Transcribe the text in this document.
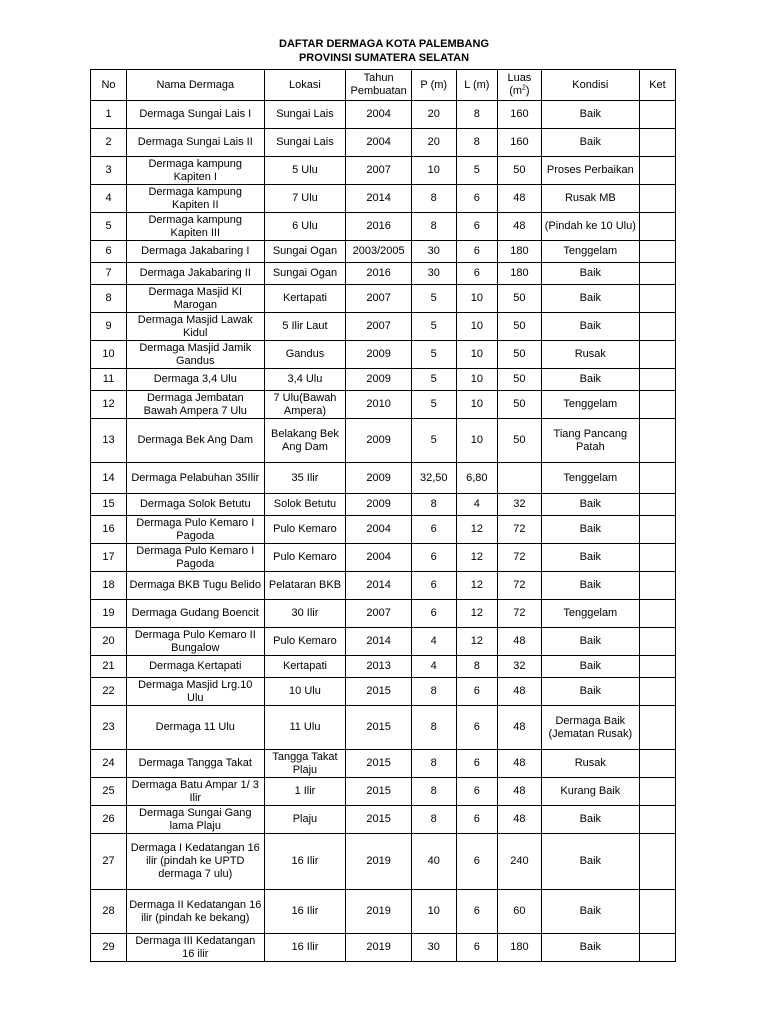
DAFTAR DERMAGA KOTA PALEMBANG
PROVINSI SUMATERA SELATAN
No	Nama Dermaga	Lokasi	Tahun Pembuatan	P (m)	L (m)	Luas $(m^2)$	Kondisi	Ket
1	Dermaga Sungai Lais I	Sungai Lais	2004	20	8	160	Baik	
2	Dermaga Sungai Lais II	Sungai Lais	2004	20	8	160	Baik	
3	Dermaga kampung Kapiten I	5 Ulu	2007	10	5	50	Proses Perbaikan	
4	Dermaga kampung Kapiten II	7 Ulu	2014	8	6	48	Rusak MB	
5	Dermaga kampung Kapiten III	6 Ulu	2016	8	6	48	(Pindah ke 10 Ulu)	
6	Dermaga Jakabaring I	Sungai Ogan	2003/2005	30	6	180	Tenggelam	
7	Dermaga Jakabaring II	Sungai Ogan	2016	30	6	180	Baik	
8	Dermaga Masjid KI Marogan	Kertapati	2007	5	10	50	Baik	
9	Dermaga Masjid Lawak Kidul	5 Ilir Laut	2007	5	10	50	Baik	
10	Dermaga Masjid Jamik Gandus	Gandus	2009	5	10	50	Rusak	
11	Dermaga 3,4 Ulu	3,4 Ulu	2009	5	10	50	Baik	
12	Dermaga Jembatan Bawah Ampera 7 Ulu	7 Ulu(Bawah Ampera)	2010	5	10	50	Tenggelam	
13	Dermaga Bek Ang Dam	Belakang Bek Ang Dam	2009	5	10	50	Tiang Pancang Patah	
14	Dermaga Pelabuhan 35Ilir	35 Ilir	2009	32,50	6,80		Tenggelam	
15	Dermaga Solok Betutu	Solok Betutu	2009	8	4	32	Baik	
16	Dermaga Pulo Kemaro I Pagoda	Pulo Kemaro	2004	6	12	72	Baik	
17	Dermaga Pulo Kemaro I Pagoda	Pulo Kemaro	2004	6	12	72	Baik	
18	Dermaga BKB Tugu Belido	Pelataran BKB	2014	6	12	72	Baik	
19	Dermaga Gudang Boencit	30 Ilir	2007	6	12	72	Tenggelam	
20	Dermaga Pulo Kemaro II Bungalow	Pulo Kemaro	2014	4	12	48	Baik	
21	Dermaga Kertapati	Kertapati	2013	4	8	32	Baik	
22	Dermaga Masjid Lrg.10 Ulu	10 Ulu	2015	8	6	48	Baik	
23	Dermaga 11 Ulu	11 Ulu	2015	8	6	48	Dermaga Baik (Jematan Rusak)	
24	Dermaga Tangga Takat	Tangga Takat Plaju	2015	8	6	48	Rusak	
25	Dermaga Batu Ampar 1/ 3 Ilir	1 Ilir	2015	8	6	48	Kurang Baik	
26	Dermaga Sungai Gang lama Plaju	Plaju	2015	8	6	48	Baik	
27	Dermaga I Kedatangan 16 ilir (pindah ke UPTD dermaga 7 ulu)	16 Ilir	2019	40	6	240	Baik	
28	Dermaga II Kedatangan 16 ilir (pindah ke bekang)	16 Ilir	2019	10	6	60	Baik	
29	Dermaga III Kedatangan 16 ilir	16 Ilir	2019	30	6	180	Baik	
